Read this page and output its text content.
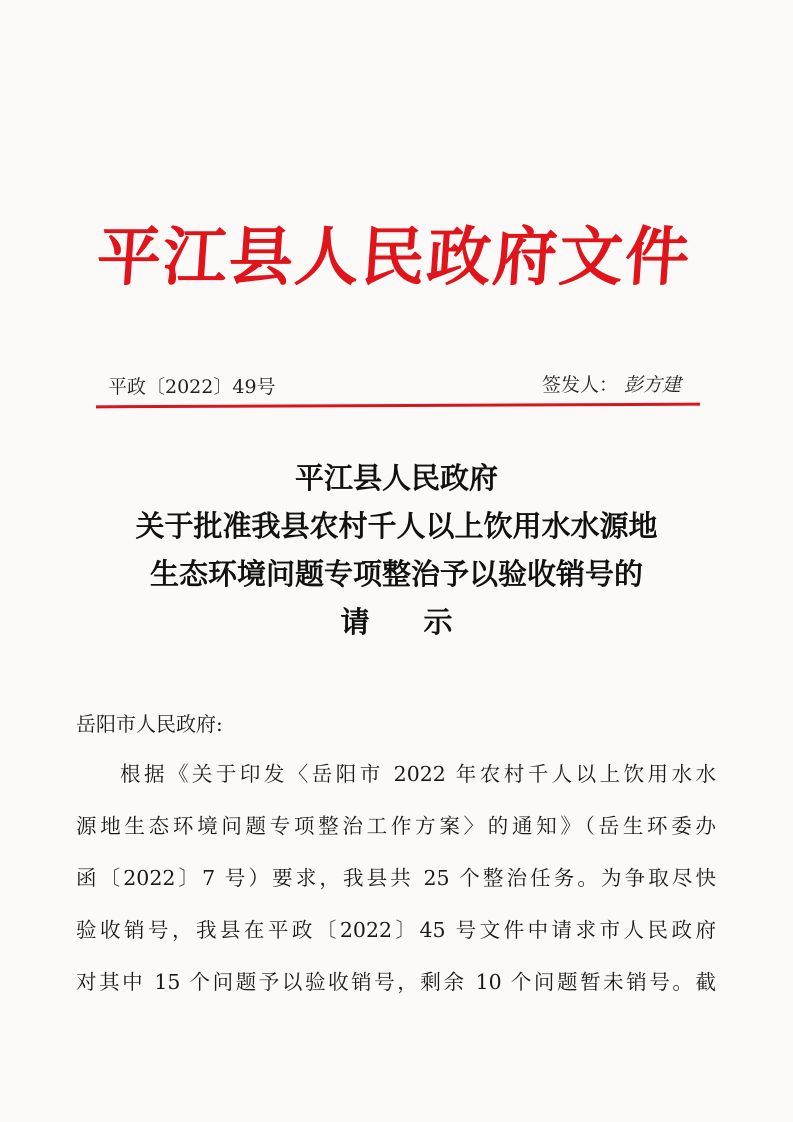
平江县人民政府文件
平政〔2022〕49号	签发人： 彭方建
平江县人民政府
关于批准我县农村千人以上饮用水水源地
生态环境问题专项整治予以验收销号的
请示
岳阳市人民政府:
根据《关于印发〈岳阳市 2022 年农村千人以上饮用水水
源地生态环境问题专项整治工作方案〉的通知》（岳生环委办
函〔2022〕7 号）要求，我县共 25 个整治任务。为争取尽快
验收销号，我县在平政〔2022〕45 号文件中请求市人民政府
对其中 15 个问题予以验收销号，剩余 10 个问题暂未销号。截
